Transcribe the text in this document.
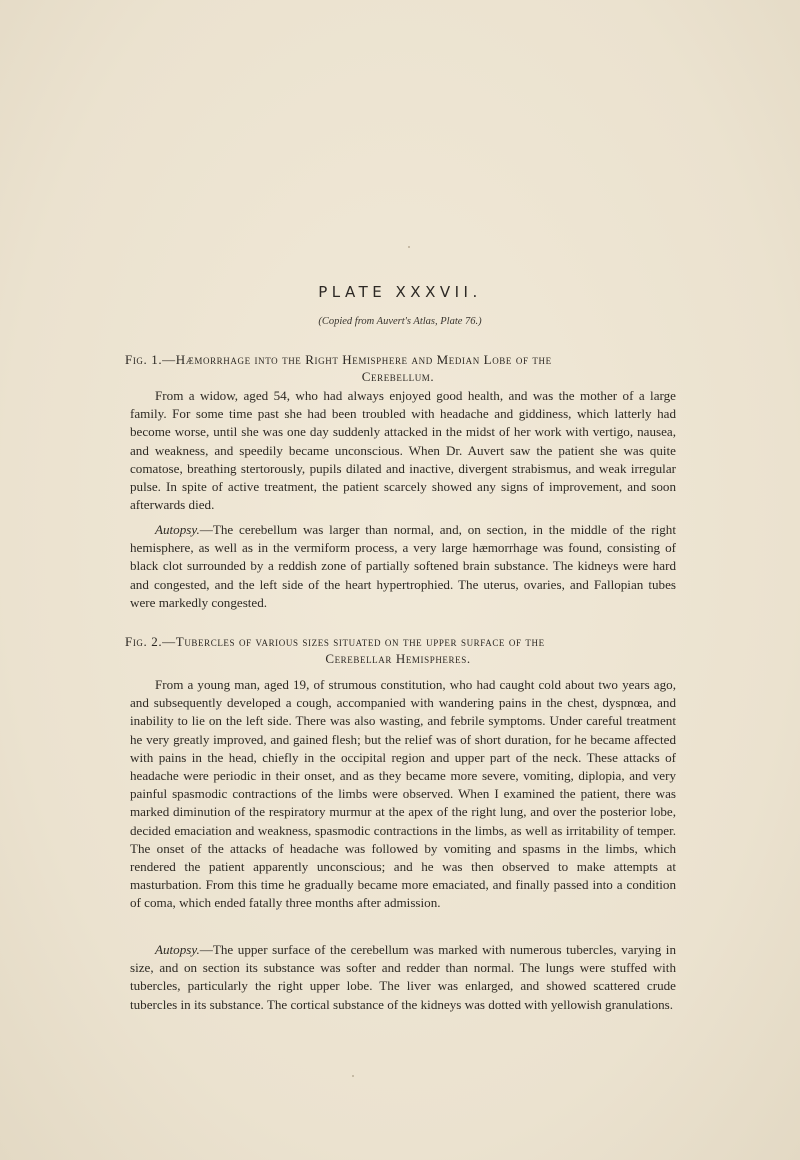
PLATE XXXVII.
(Copied from Auvert's Atlas, Plate 76.)
Fig. 1.—Hæmorrhage into the Right Hemisphere and Median Lobe of the
Cerebellum.
From a widow, aged 54, who had always enjoyed good health, and was the mother of a large family. For some time past she had been troubled with headache and giddiness, which latterly had become worse, until she was one day suddenly attacked in the midst of her work with vertigo, nausea, and weakness, and speedily became unconscious. When Dr. Auvert saw the patient she was quite comatose, breathing stertorously, pupils dilated and inactive, divergent strabismus, and weak irregular pulse. In spite of active treatment, the patient scarcely showed any signs of improvement, and soon afterwards died.
Autopsy.—The cerebellum was larger than normal, and, on section, in the middle of the right hemisphere, as well as in the vermiform process, a very large hæmorrhage was found, consisting of black clot surrounded by a reddish zone of partially softened brain substance. The kidneys were hard and congested, and the left side of the heart hypertrophied. The uterus, ovaries, and Fallopian tubes were markedly congested.
Fig. 2.—Tubercles of various sizes situated on the upper surface of the
Cerebellar Hemispheres.
From a young man, aged 19, of strumous constitution, who had caught cold about two years ago, and subsequently developed a cough, accompanied with wandering pains in the chest, dyspnœa, and inability to lie on the left side. There was also wasting, and febrile symptoms. Under careful treatment he very greatly improved, and gained flesh; but the relief was of short duration, for he became affected with pains in the head, chiefly in the occipital region and upper part of the neck. These attacks of headache were periodic in their onset, and as they became more severe, vomiting, diplopia, and very painful spasmodic contractions of the limbs were observed. When I examined the patient, there was marked diminution of the respiratory murmur at the apex of the right lung, and over the posterior lobe, decided emaciation and weakness, spasmodic contractions in the limbs, as well as irritability of temper. The onset of the attacks of headache was followed by vomiting and spasms in the limbs, which rendered the patient apparently unconscious; and he was then observed to make attempts at masturbation. From this time he gradually became more emaciated, and finally passed into a condition of coma, which ended fatally three months after admission.
Autopsy.—The upper surface of the cerebellum was marked with numerous tubercles, varying in size, and on section its substance was softer and redder than normal. The lungs were stuffed with tubercles, particularly the right upper lobe. The liver was enlarged, and showed scattered crude tubercles in its substance. The cortical substance of the kidneys was dotted with yellowish granulations.
